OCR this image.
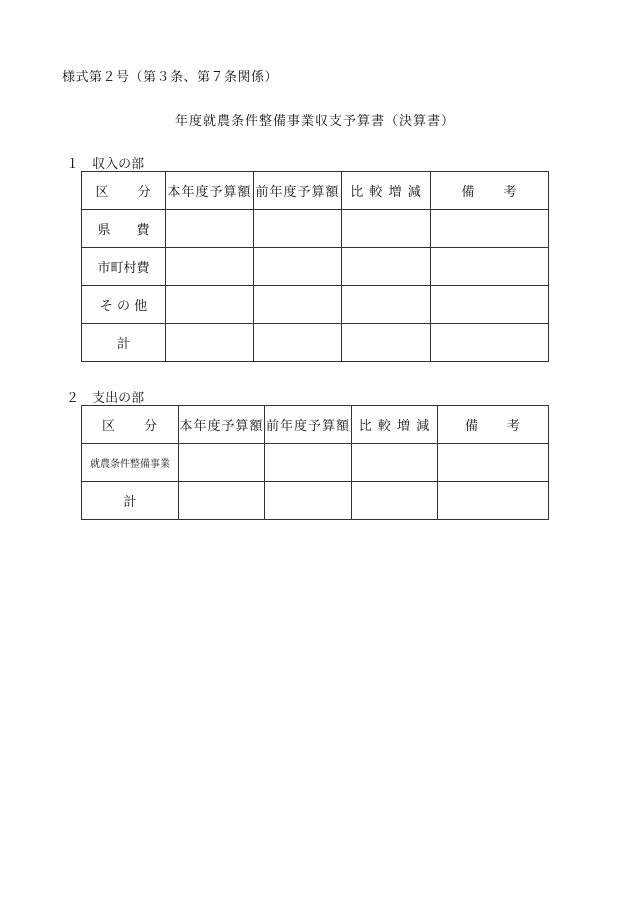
様式第２号（第３条、第７条関係）
年度就農条件整備事業収支予算書（決算書）
１ 収入の部
区　　分	本年度予算額	前年度予算額	比 較 増 減	備　　考
県　　費				
市町村費				
そ の 他				
計				
２ 支出の部
区　　分	本年度予算額	前年度予算額	比 較 増 減	備　　考
就農条件整備事業				
計				
